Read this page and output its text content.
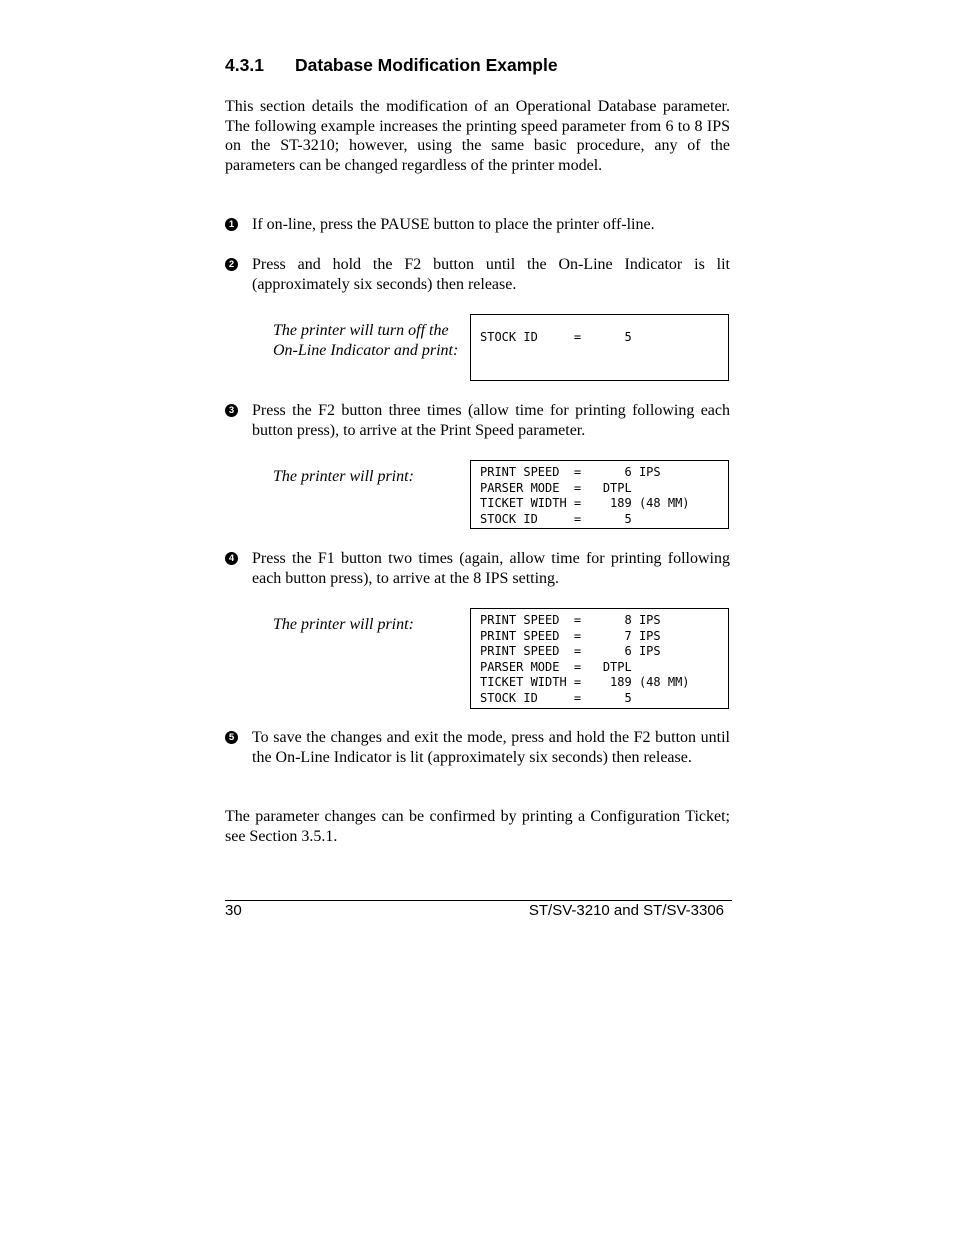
4.3.1 Database Modification Example

This section details the modification of an Operational Database parameter. The following example increases the printing speed parameter from 6 to 8 IPS on the ST-3210; however, using the same basic procedure, any of the parameters can be changed regardless of the printer model.

1 If on-line, press the PAUSE button to place the printer off-line.

2 Press and hold the F2 button until the On-Line Indicator is lit (approximately six seconds) then release.

The printer will turn off the On-Line Indicator and print:

STOCK ID     =      5
3 Press the F2 button three times (allow time for printing following each button press), to arrive at the Print Speed parameter.

The printer will print:	PRINT SPEED  =      6 IPS
PARSER MODE  =   DTPL
TICKET WIDTH =    189 (48 MM)
STOCK ID     =      5
4 Press the F1 button two times (again, allow time for printing following each button press), to arrive at the 8 IPS setting.

The printer will print:	PRINT SPEED  =      8 IPS
PRINT SPEED  =      7 IPS
PRINT SPEED  =      6 IPS
PARSER MODE  =   DTPL
TICKET WIDTH =    189 (48 MM)
STOCK ID     =      5
5 To save the changes and exit the mode, press and hold the F2 button until the On-Line Indicator is lit (approximately six seconds) then release.

The parameter changes can be confirmed by printing a Configuration Ticket; see Section 3.5.1.

30	ST/SV-3210 and ST/SV-3306
